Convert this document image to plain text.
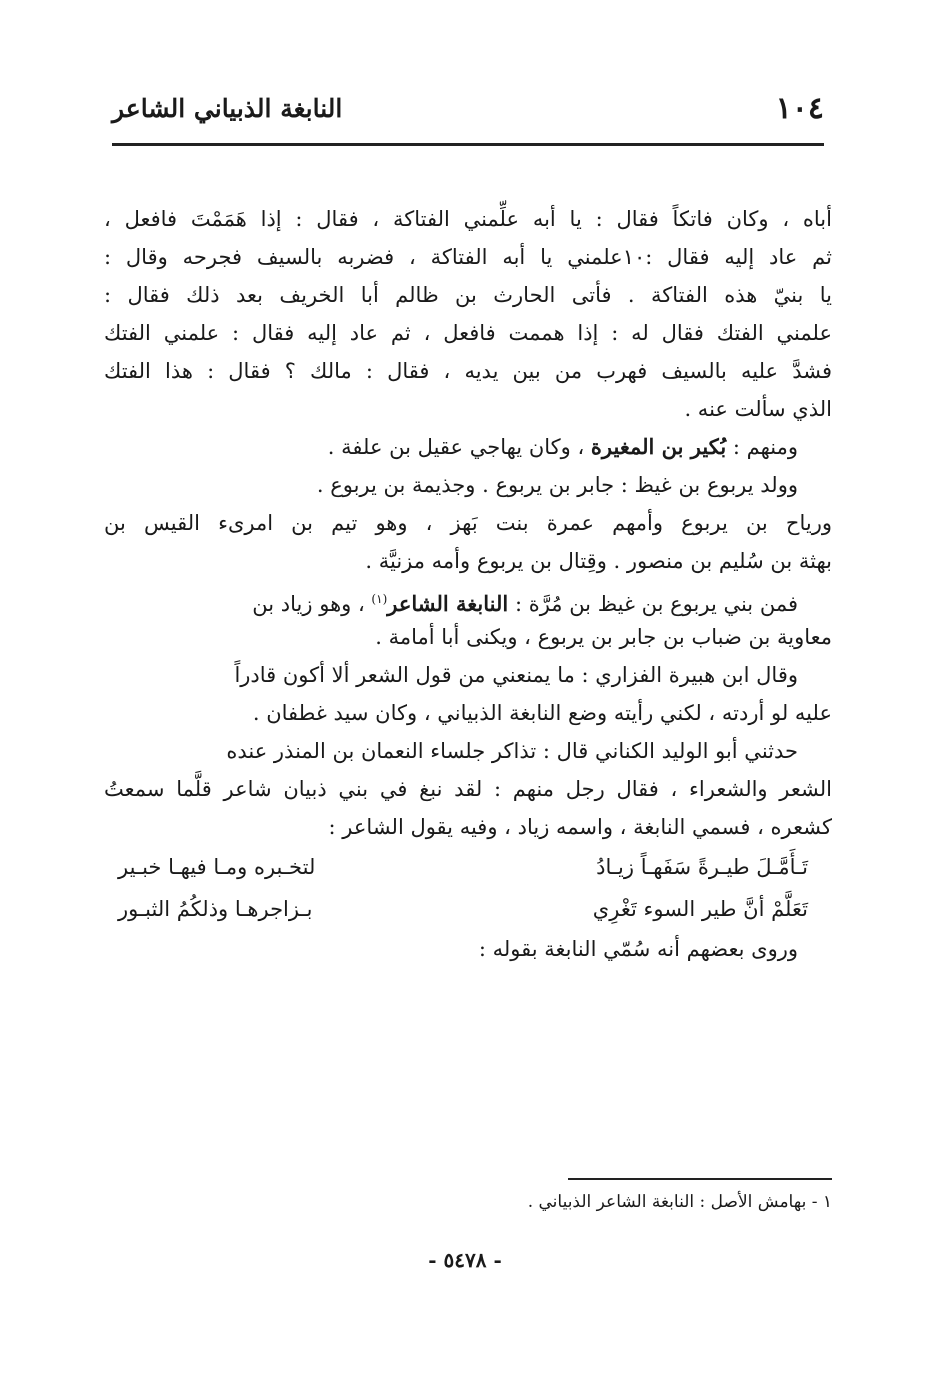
١٠٤
النابغة الذبياني الشاعر
أباه ، وكان فاتكاً فقال : يا أبه علِّمني الفتاكة ، فقال : إذا هَمَمْتَ فافعل ،
ثم عاد إليه فقال :١٠علمني يا أبه الفتاكة ، فضربه بالسيف فجرحه وقال :
يا بنيّ هذه الفتاكة . فأتى الحارث بن ظالم أبا الخريف بعد ذلك فقال :
علمني الفتك فقال له : إذا هممت فافعل ، ثم عاد إليه فقال : علمني الفتك
فشدَّ عليه بالسيف فهرب من بين يديه ، فقال : مالك ؟ فقال : هذا الفتك
الذي سألت عنه .
ومنهم : بُكير بن المغيرة ، وكان يهاجي عقيل بن علفة .
وولد يربوع بن غيظ : جابر بن يربوع . وجذيمة بن يربوع .
ورياح بن يربوع وأمهم عمرة بنت بَهز ، وهو تيم بن امرىء القيس بن
بهثة بن سُليم بن منصور . وقِتال بن يربوع وأمه مزنيَّة .
فمن بني يربوع بن غيظ بن مُرَّة : النابغة الشاعر$^{(١)}$ ، وهو زياد بن
معاوية بن ضباب بن جابر بن يربوع ، ويكنى أبا أمامة .
وقال ابن هبيرة الفزاري : ما يمنعني من قول الشعر ألا أكون قادراً
عليه لو أردته ، لكني رأيته وضع النابغة الذبياني ، وكان سيد غطفان .
حدثني أبو الوليد الكناني قال : تذاكر جلساء النعمان بن المنذر عنده
الشعر والشعراء ، فقال رجل منهم : لقد نبغ في بني ذبيان شاعر قلَّما سمعتُ
كشعره ، فسمي النابغة ، واسمه زياد ، وفيه يقول الشاعر :
تَـأَمَّـلَ طيـرةً سَفَهـاً زيـادُ
لتخـبره ومـا فيهـا خبـير
تَعَلَّمْ أنَّ طير السوء تَغْرِي
بـزاجرهـا وذلكُمُ الثبـور
وروى بعضهم أنه سُمّي النابغة بقوله :
١ - بهامش الأصل : النابغة الشاعر الذبياني .
- ٥٤٧٨ -
